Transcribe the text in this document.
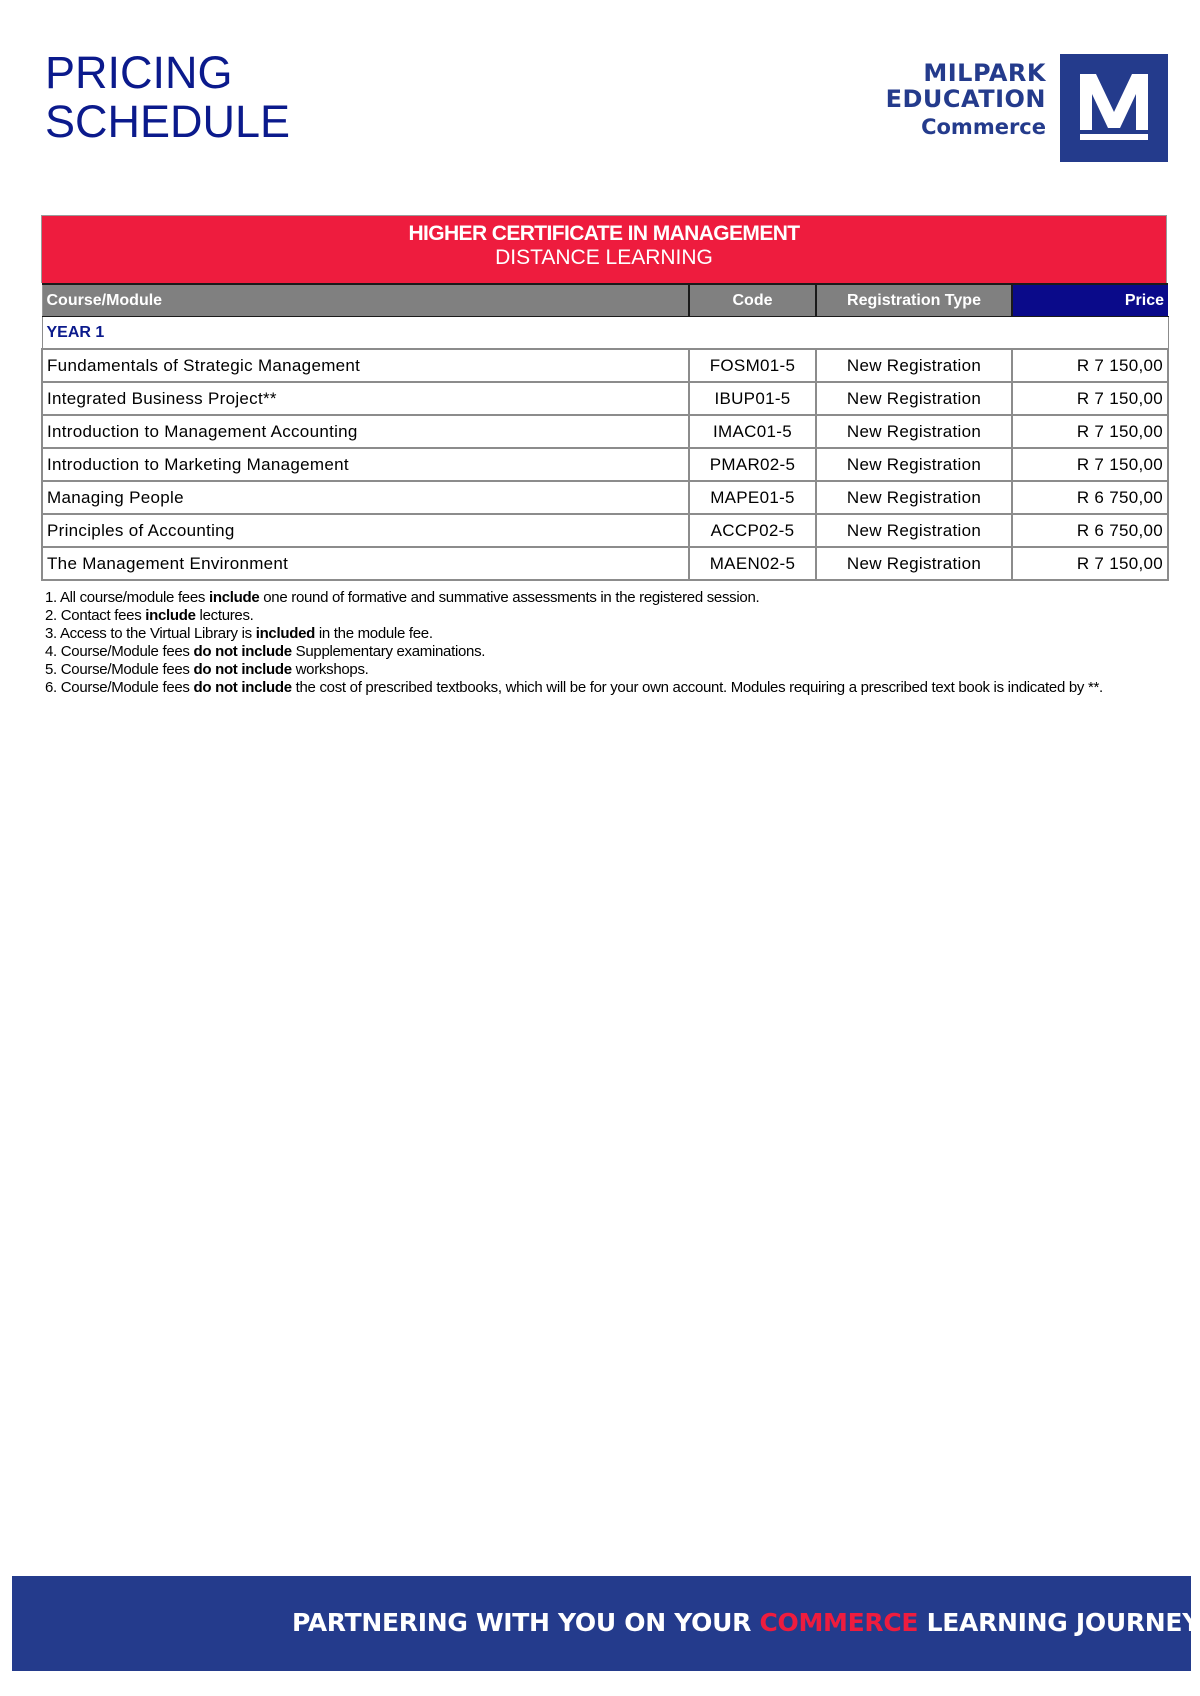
PRICING
SCHEDULE
MILPARK
EDUCATION
Commerce
HIGHER CERTIFICATE IN MANAGEMENT
DISTANCE LEARNING
Course/Module	Code	Registration Type	Price
YEAR 1			
Fundamentals of Strategic Management	FOSM01-5	New Registration	R 7 150,00
Integrated Business Project**	IBUP01-5	New Registration	R 7 150,00
Introduction to Management Accounting	IMAC01-5	New Registration	R 7 150,00
Introduction to Marketing Management	PMAR02-5	New Registration	R 7 150,00
Managing People	MAPE01-5	New Registration	R 6 750,00
Principles of Accounting	ACCP02-5	New Registration	R 6 750,00
The Management Environment	MAEN02-5	New Registration	R 7 150,00
1. All course/module fees include one round of formative and summative assessments in the registered session.
2. Contact fees include lectures.
3. Access to the Virtual Library is included in the module fee.
4. Course/Module fees do not include Supplementary examinations.
5. Course/Module fees do not include workshops.
6. Course/Module fees do not include the cost of prescribed textbooks, which will be for your own account. Modules requiring a prescribed text book is indicated by **.
PARTNERING WITH YOU ON YOUR COMMERCE LEARNING JOURNEY
